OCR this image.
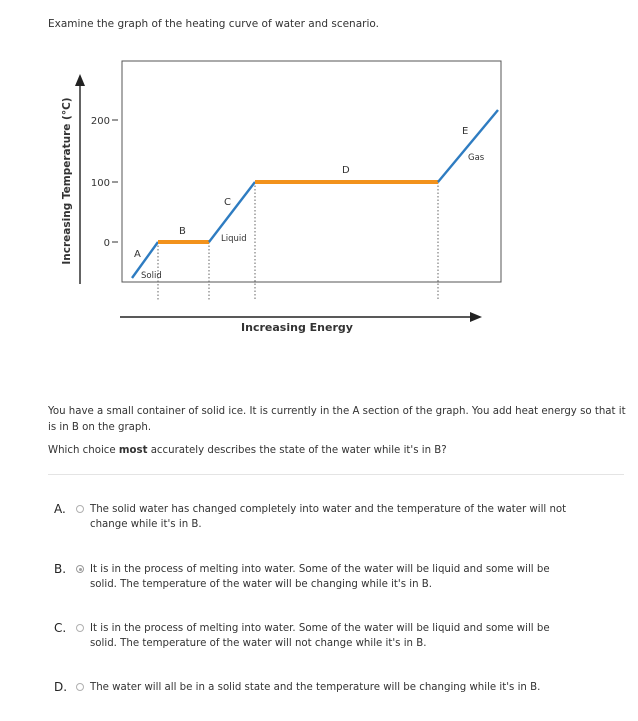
Examine the graph of the heating curve of water and scenario.
Increasing Temperature (°C)
Increasing Energy
200
100
0
A
B
C
D
E
Solid
Liquid
Gas
You have a small container of solid ice. It is currently in the A section of the graph. You add heat energy so that it is in B on the graph.
Which choice most accurately describes the state of the water while it's in B?
A. The solid water has changed completely into water and the temperature of the water will not change while it's in B.
B. It is in the process of melting into water. Some of the water will be liquid and some will be solid. The temperature of the water will be changing while it's in B.
C. It is in the process of melting into water. Some of the water will be liquid and some will be solid. The temperature of the water will not change while it's in B.
D. The water will all be in a solid state and the temperature will be changing while it's in B.
